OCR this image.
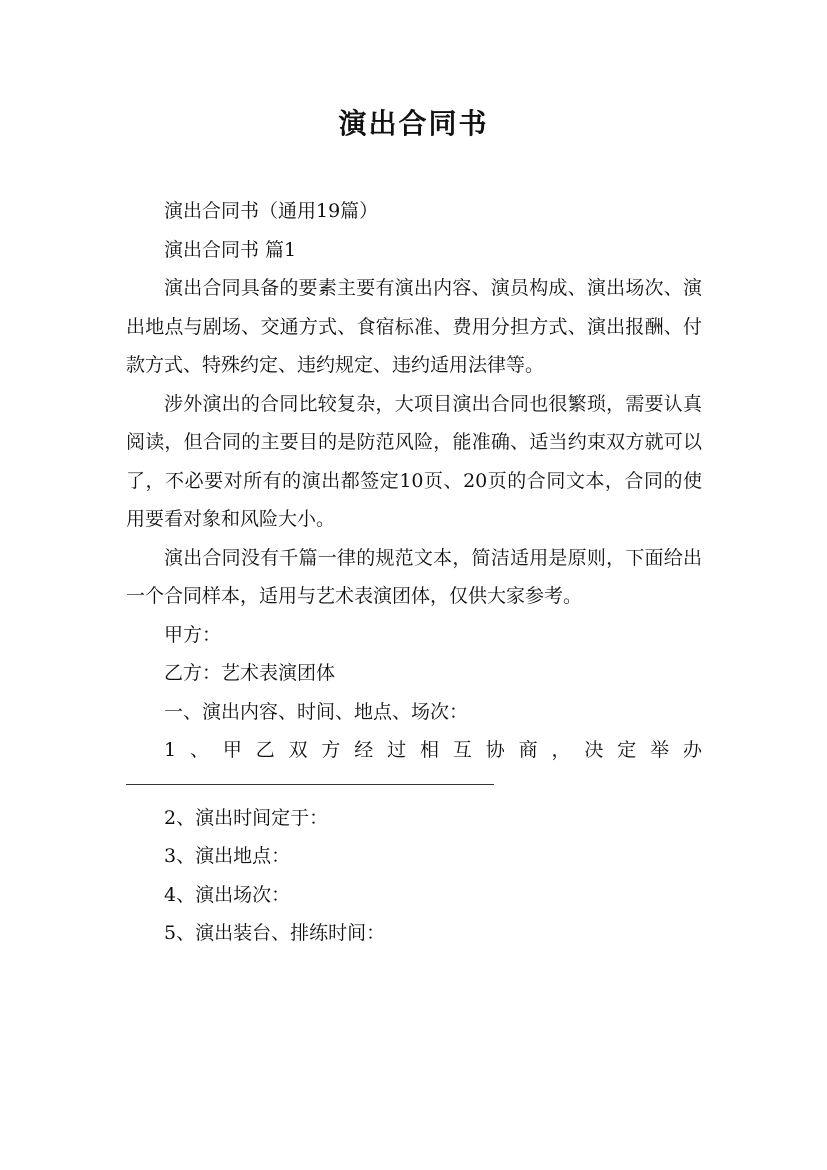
演出合同书

演出合同书（通用19篇）

演出合同书 篇1

演出合同具备的要素主要有演出内容、演员构成、演出场次、演出地点与剧场、交通方式、食宿标准、费用分担方式、演出报酬、付款方式、特殊约定、违约规定、违约适用法律等。

涉外演出的合同比较复杂，大项目演出合同也很繁琐，需要认真阅读，但合同的主要目的是防范风险，能准确、适当约束双方就可以了，不必要对所有的演出都签定10页、20页的合同文本，合同的使用要看对象和风险大小。

演出合同没有千篇一律的规范文本，简洁适用是原则，下面给出一个合同样本，适用与艺术表演团体，仅供大家参考。

甲方：

乙方：艺术表演团体

一、演出内容、时间、地点、场次：

1、甲乙双方经过相互协商，决定举办

2、演出时间定于：

3、演出地点：

4、演出场次：

5、演出装台、排练时间：
